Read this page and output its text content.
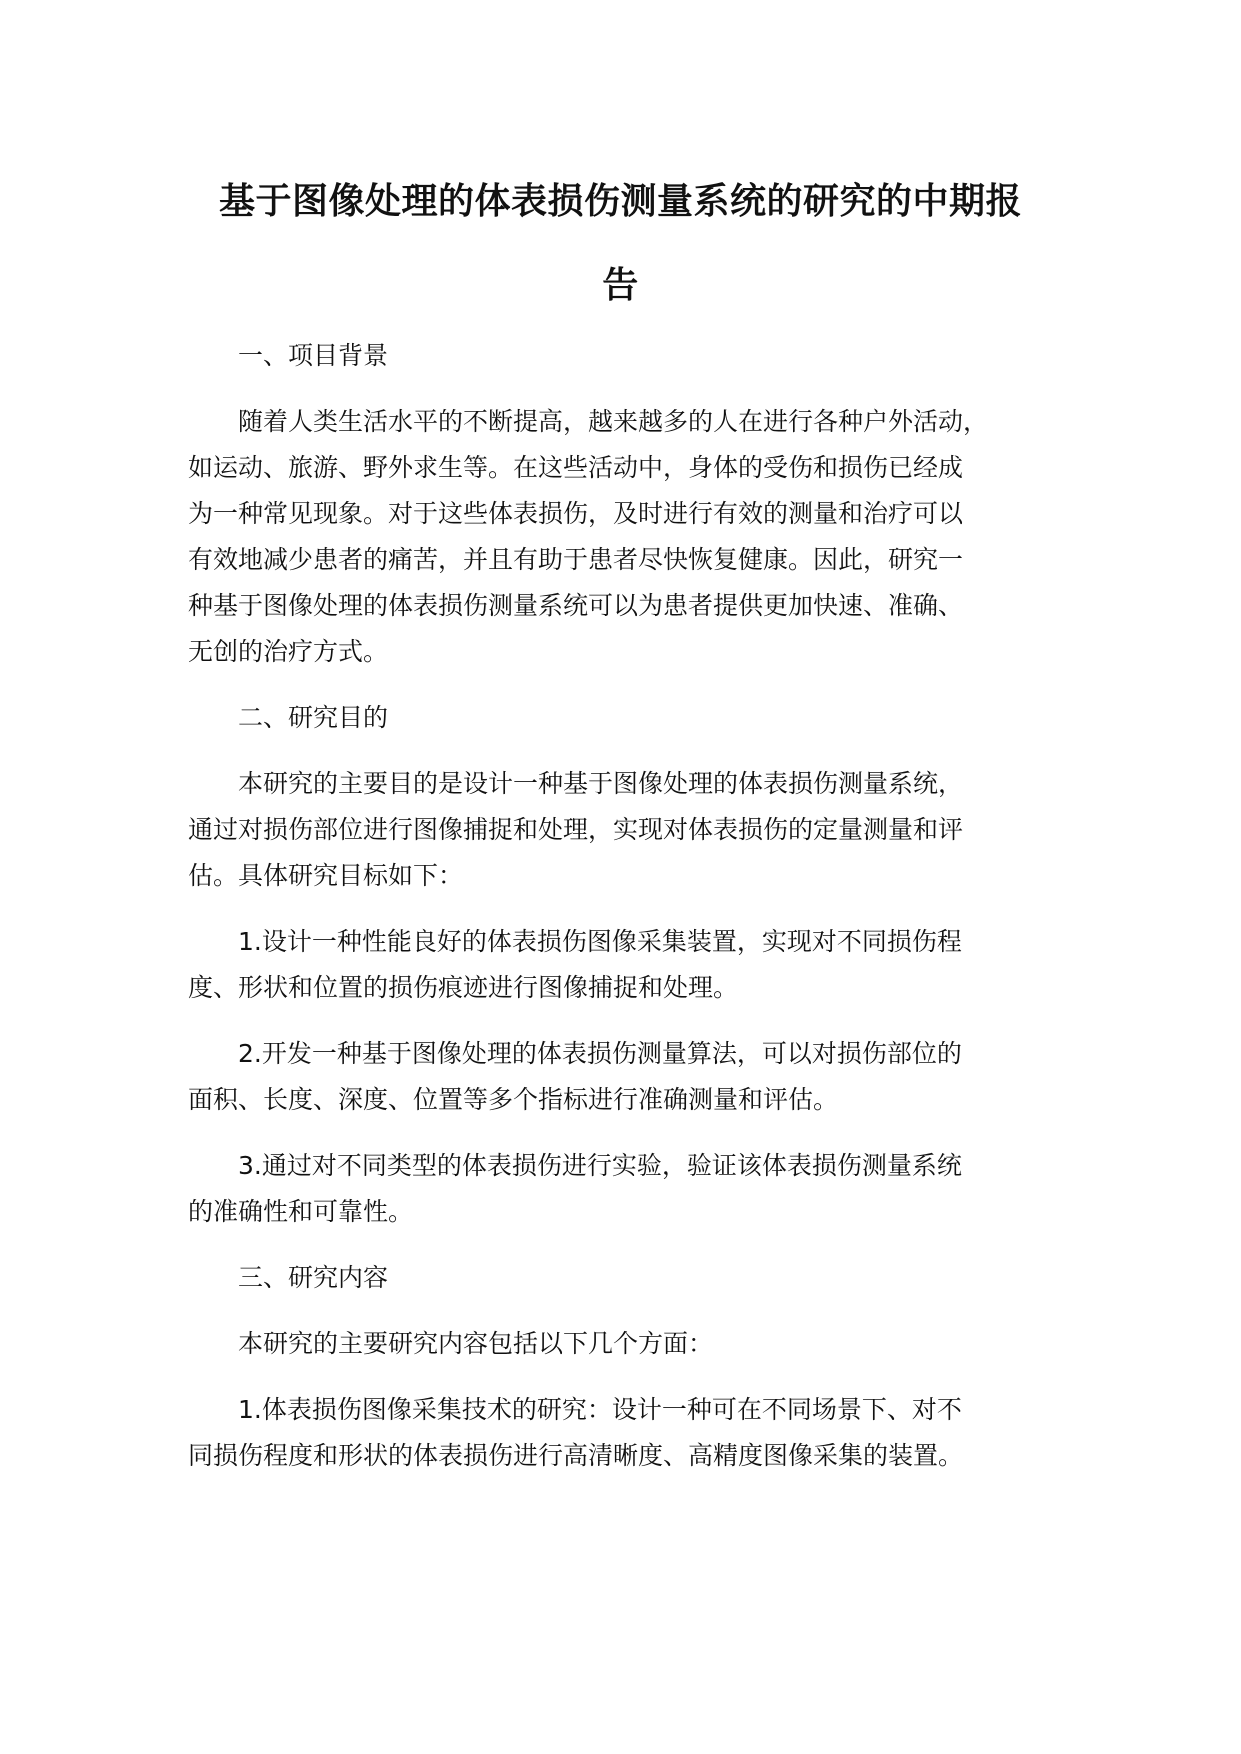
基于图像处理的体表损伤测量系统的研究的中期报
告

一、项目背景

随着人类生活水平的不断提高，越来越多的人在进行各种户外活动，
如运动、旅游、野外求生等。在这些活动中，身体的受伤和损伤已经成
为一种常见现象。对于这些体表损伤，及时进行有效的测量和治疗可以
有效地减少患者的痛苦，并且有助于患者尽快恢复健康。因此，研究一
种基于图像处理的体表损伤测量系统可以为患者提供更加快速、准确、
无创的治疗方式。

二、研究目的

本研究的主要目的是设计一种基于图像处理的体表损伤测量系统，
通过对损伤部位进行图像捕捉和处理，实现对体表损伤的定量测量和评
估。具体研究目标如下：

1.设计一种性能良好的体表损伤图像采集装置，实现对不同损伤程
度、形状和位置的损伤痕迹进行图像捕捉和处理。

2.开发一种基于图像处理的体表损伤测量算法，可以对损伤部位的
面积、长度、深度、位置等多个指标进行准确测量和评估。

3.通过对不同类型的体表损伤进行实验，验证该体表损伤测量系统
的准确性和可靠性。

三、研究内容

本研究的主要研究内容包括以下几个方面：

1.体表损伤图像采集技术的研究：设计一种可在不同场景下、对不
同损伤程度和形状的体表损伤进行高清晰度、高精度图像采集的装置。
